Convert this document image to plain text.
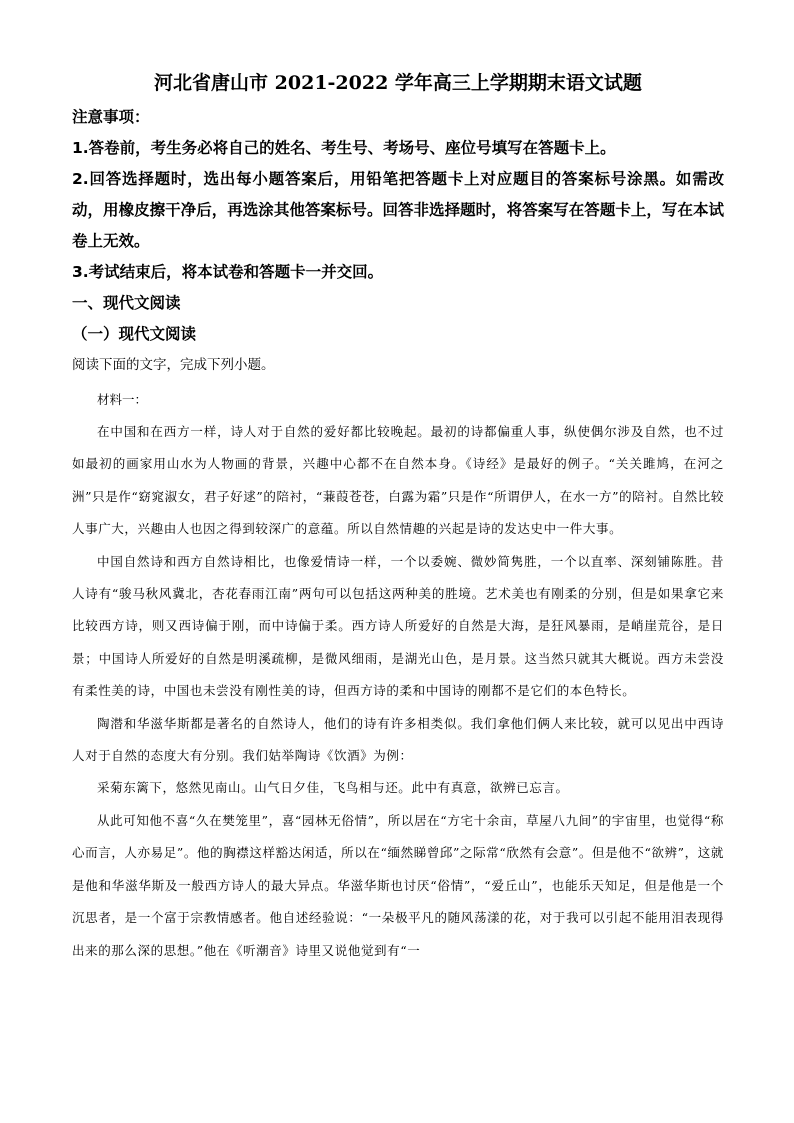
河北省唐山市 2021-2022 学年高三上学期期末语文试题

注意事项：

1.答卷前，考生务必将自己的姓名、考生号、考场号、座位号填写在答题卡上。

2.回答选择题时，选出每小题答案后，用铅笔把答题卡上对应题目的答案标号涂黑。如需改动，用橡皮擦干净后，再选涂其他答案标号。回答非选择题时，将答案写在答题卡上，写在本试卷上无效。

3.考试结束后，将本试卷和答题卡一并交回。

一、现代文阅读

（一）现代文阅读

阅读下面的文字，完成下列小题。

材料一：

在中国和在西方一样，诗人对于自然的爱好都比较晚起。最初的诗都偏重人事，纵使偶尔涉及自然，也不过如最初的画家用山水为人物画的背景，兴趣中心都不在自然本身。《诗经》是最好的例子。“关关雎鸠，在河之洲”只是作“窈窕淑女，君子好逑”的陪衬，“蒹葭苍苍，白露为霜”只是作“所谓伊人，在水一方”的陪衬。自然比较人事广大，兴趣由人也因之得到较深广的意蕴。所以自然情趣的兴起是诗的发达史中一件大事。

中国自然诗和西方自然诗相比，也像爱情诗一样，一个以委婉、微妙简隽胜，一个以直率、深刻铺陈胜。昔人诗有“骏马秋风冀北，杏花春雨江南”两句可以包括这两种美的胜境。艺术美也有刚柔的分别，但是如果拿它来比较西方诗，则又西诗偏于刚，而中诗偏于柔。西方诗人所爱好的自然是大海，是狂风暴雨，是峭崖荒谷，是日景；中国诗人所爱好的自然是明溪疏柳，是微风细雨，是湖光山色，是月景。这当然只就其大概说。西方未尝没有柔性美的诗，中国也未尝没有刚性美的诗，但西方诗的柔和中国诗的刚都不是它们的本色特长。

陶潜和华滋华斯都是著名的自然诗人，他们的诗有许多相类似。我们拿他们俩人来比较，就可以见出中西诗人对于自然的态度大有分别。我们姑举陶诗《饮酒》为例：

采菊东篱下，悠然见南山。山气日夕佳，飞鸟相与还。此中有真意，欲辨已忘言。

从此可知他不喜“久在樊笼里”，喜“园林无俗情”，所以居在“方宅十余亩，草屋八九间”的宇宙里，也觉得“称心而言，人亦易足”。他的胸襟这样豁达闲适，所以在“缅然睇曾邱”之际常“欣然有会意”。但是他不“欲辨”，这就是他和华滋华斯及一般西方诗人的最大异点。华滋华斯也讨厌“俗情”，“爱丘山”，也能乐天知足，但是他是一个沉思者，是一个富于宗教情感者。他自述经验说：“一朵极平凡的随风荡漾的花，对于我可以引起不能用泪表现得出来的那么深的思想。”他在《听潮音》诗里又说他觉到有“一
